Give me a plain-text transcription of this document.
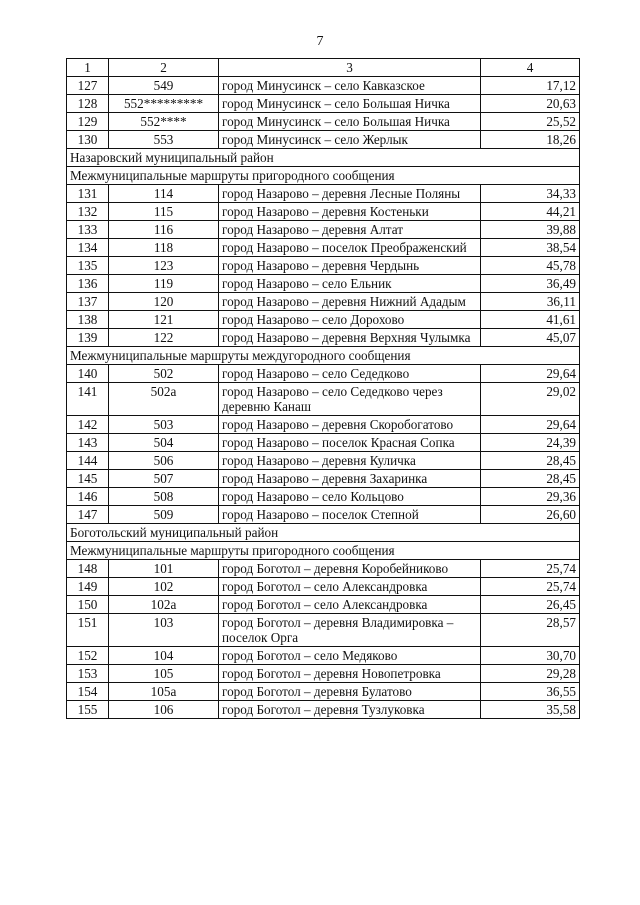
7
1	2	3	4
127	549	город Минусинск – село Кавказское	17,12
128	552*********	город Минусинск – село Большая Ничка	20,63
129	552****	город Минусинск – село Большая Ничка	25,52
130	553	город Минусинск – село Жерлык	18,26
Назаровский муниципальный район			
Межмуниципальные маршруты пригородного сообщения			
131	114	город Назарово – деревня Лесные Поляны	34,33
132	115	город Назарово – деревня Костеньки	44,21
133	116	город Назарово – деревня Алтат	39,88
134	118	город Назарово – поселок Преображенский	38,54
135	123	город Назарово – деревня Чердынь	45,78
136	119	город Назарово – село Ельник	36,49
137	120	город Назарово – деревня Нижний Ададым	36,11
138	121	город Назарово – село Дорохово	41,61
139	122	город Назарово – деревня Верхняя Чулымка	45,07
Межмуниципальные маршруты междугородного сообщения			
140	502	город Назарово – село Седедково	29,64
141	502а	город Назарово – село Седедково через деревню Канаш	29,02
142	503	город Назарово – деревня Скоробогатово	29,64
143	504	город Назарово – поселок Красная Сопка	24,39
144	506	город Назарово – деревня Куличка	28,45
145	507	город Назарово – деревня Захаринка	28,45
146	508	город Назарово – село Кольцово	29,36
147	509	город Назарово – поселок Степной	26,60
Боготольский муниципальный район			
Межмуниципальные маршруты пригородного сообщения			
148	101	город Боготол – деревня Коробейниково	25,74
149	102	город Боготол – село Александровка	25,74
150	102а	город Боготол – село Александровка	26,45
151	103	город Боготол – деревня Владимировка – поселок Орга	28,57
152	104	город Боготол – село Медяково	30,70
153	105	город Боготол – деревня Новопетровка	29,28
154	105а	город Боготол – деревня Булатово	36,55
155	106	город Боготол – деревня Тузлуковка	35,58
